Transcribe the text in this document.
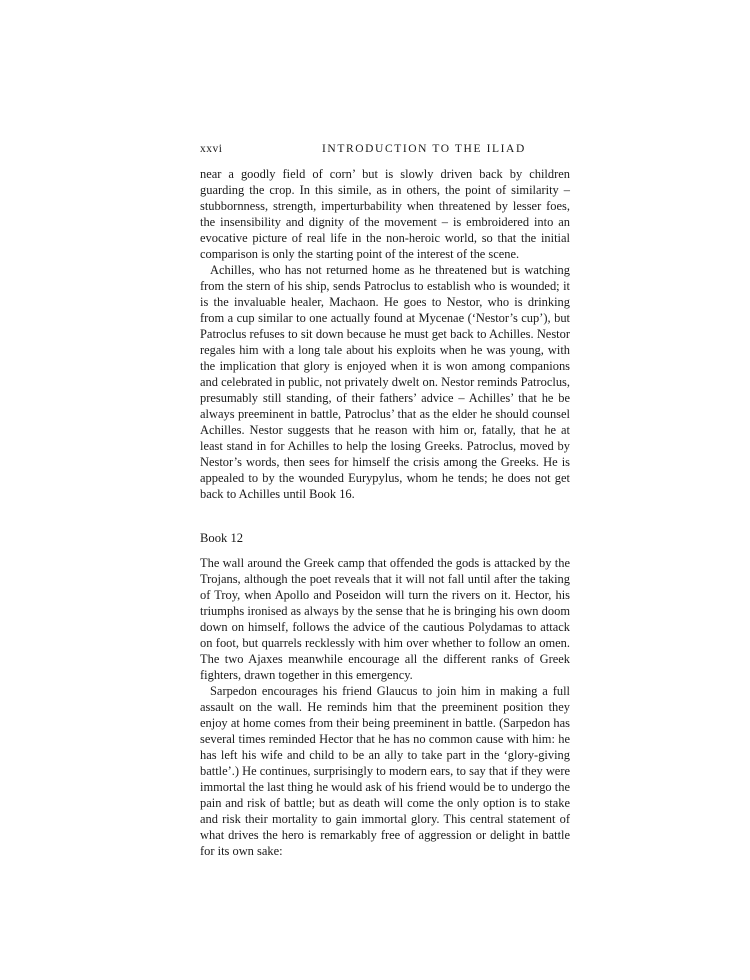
xxvi	INTRODUCTION TO THE ILIAD

near a goodly field of corn’ but is slowly driven back by children guarding the crop. In this simile, as in others, the point of similarity – stubbornness, strength, imperturbability when threatened by lesser foes, the insensibility and dignity of the movement – is embroidered into an evocative picture of real life in the non-heroic world, so that the initial comparison is only the starting point of the interest of the scene.

Achilles, who has not returned home as he threatened but is watching from the stern of his ship, sends Patroclus to establish who is wounded; it is the invaluable healer, Machaon. He goes to Nestor, who is drinking from a cup similar to one actually found at Mycenae (‘Nestor’s cup’), but Patroclus refuses to sit down because he must get back to Achilles. Nestor regales him with a long tale about his exploits when he was young, with the implication that glory is enjoyed when it is won among companions and celebrated in public, not privately dwelt on. Nestor reminds Patroclus, presumably still standing, of their fathers’ advice – Achilles’ that he be always preeminent in battle, Patroclus’ that as the elder he should counsel Achilles. Nestor suggests that he reason with him or, fatally, that he at least stand in for Achilles to help the losing Greeks. Patroclus, moved by Nestor’s words, then sees for himself the crisis among the Greeks. He is appealed to by the wounded Eurypylus, whom he tends; he does not get back to Achilles until Book 16.

Book 12

The wall around the Greek camp that offended the gods is attacked by the Trojans, although the poet reveals that it will not fall until after the taking of Troy, when Apollo and Poseidon will turn the rivers on it. Hector, his triumphs ironised as always by the sense that he is bringing his own doom down on himself, follows the advice of the cautious Polydamas to attack on foot, but quarrels recklessly with him over whether to follow an omen. The two Ajaxes meanwhile encourage all the different ranks of Greek fighters, drawn together in this emergency.

Sarpedon encourages his friend Glaucus to join him in making a full assault on the wall. He reminds him that the preeminent position they enjoy at home comes from their being preeminent in battle. (Sarpedon has several times reminded Hector that he has no common cause with him: he has left his wife and child to be an ally to take part in the ‘glory-giving battle’.) He continues, surprisingly to modern ears, to say that if they were immortal the last thing he would ask of his friend would be to undergo the pain and risk of battle; but as death will come the only option is to stake and risk their mortality to gain immortal glory. This central statement of what drives the hero is remarkably free of aggression or delight in battle for its own sake:
